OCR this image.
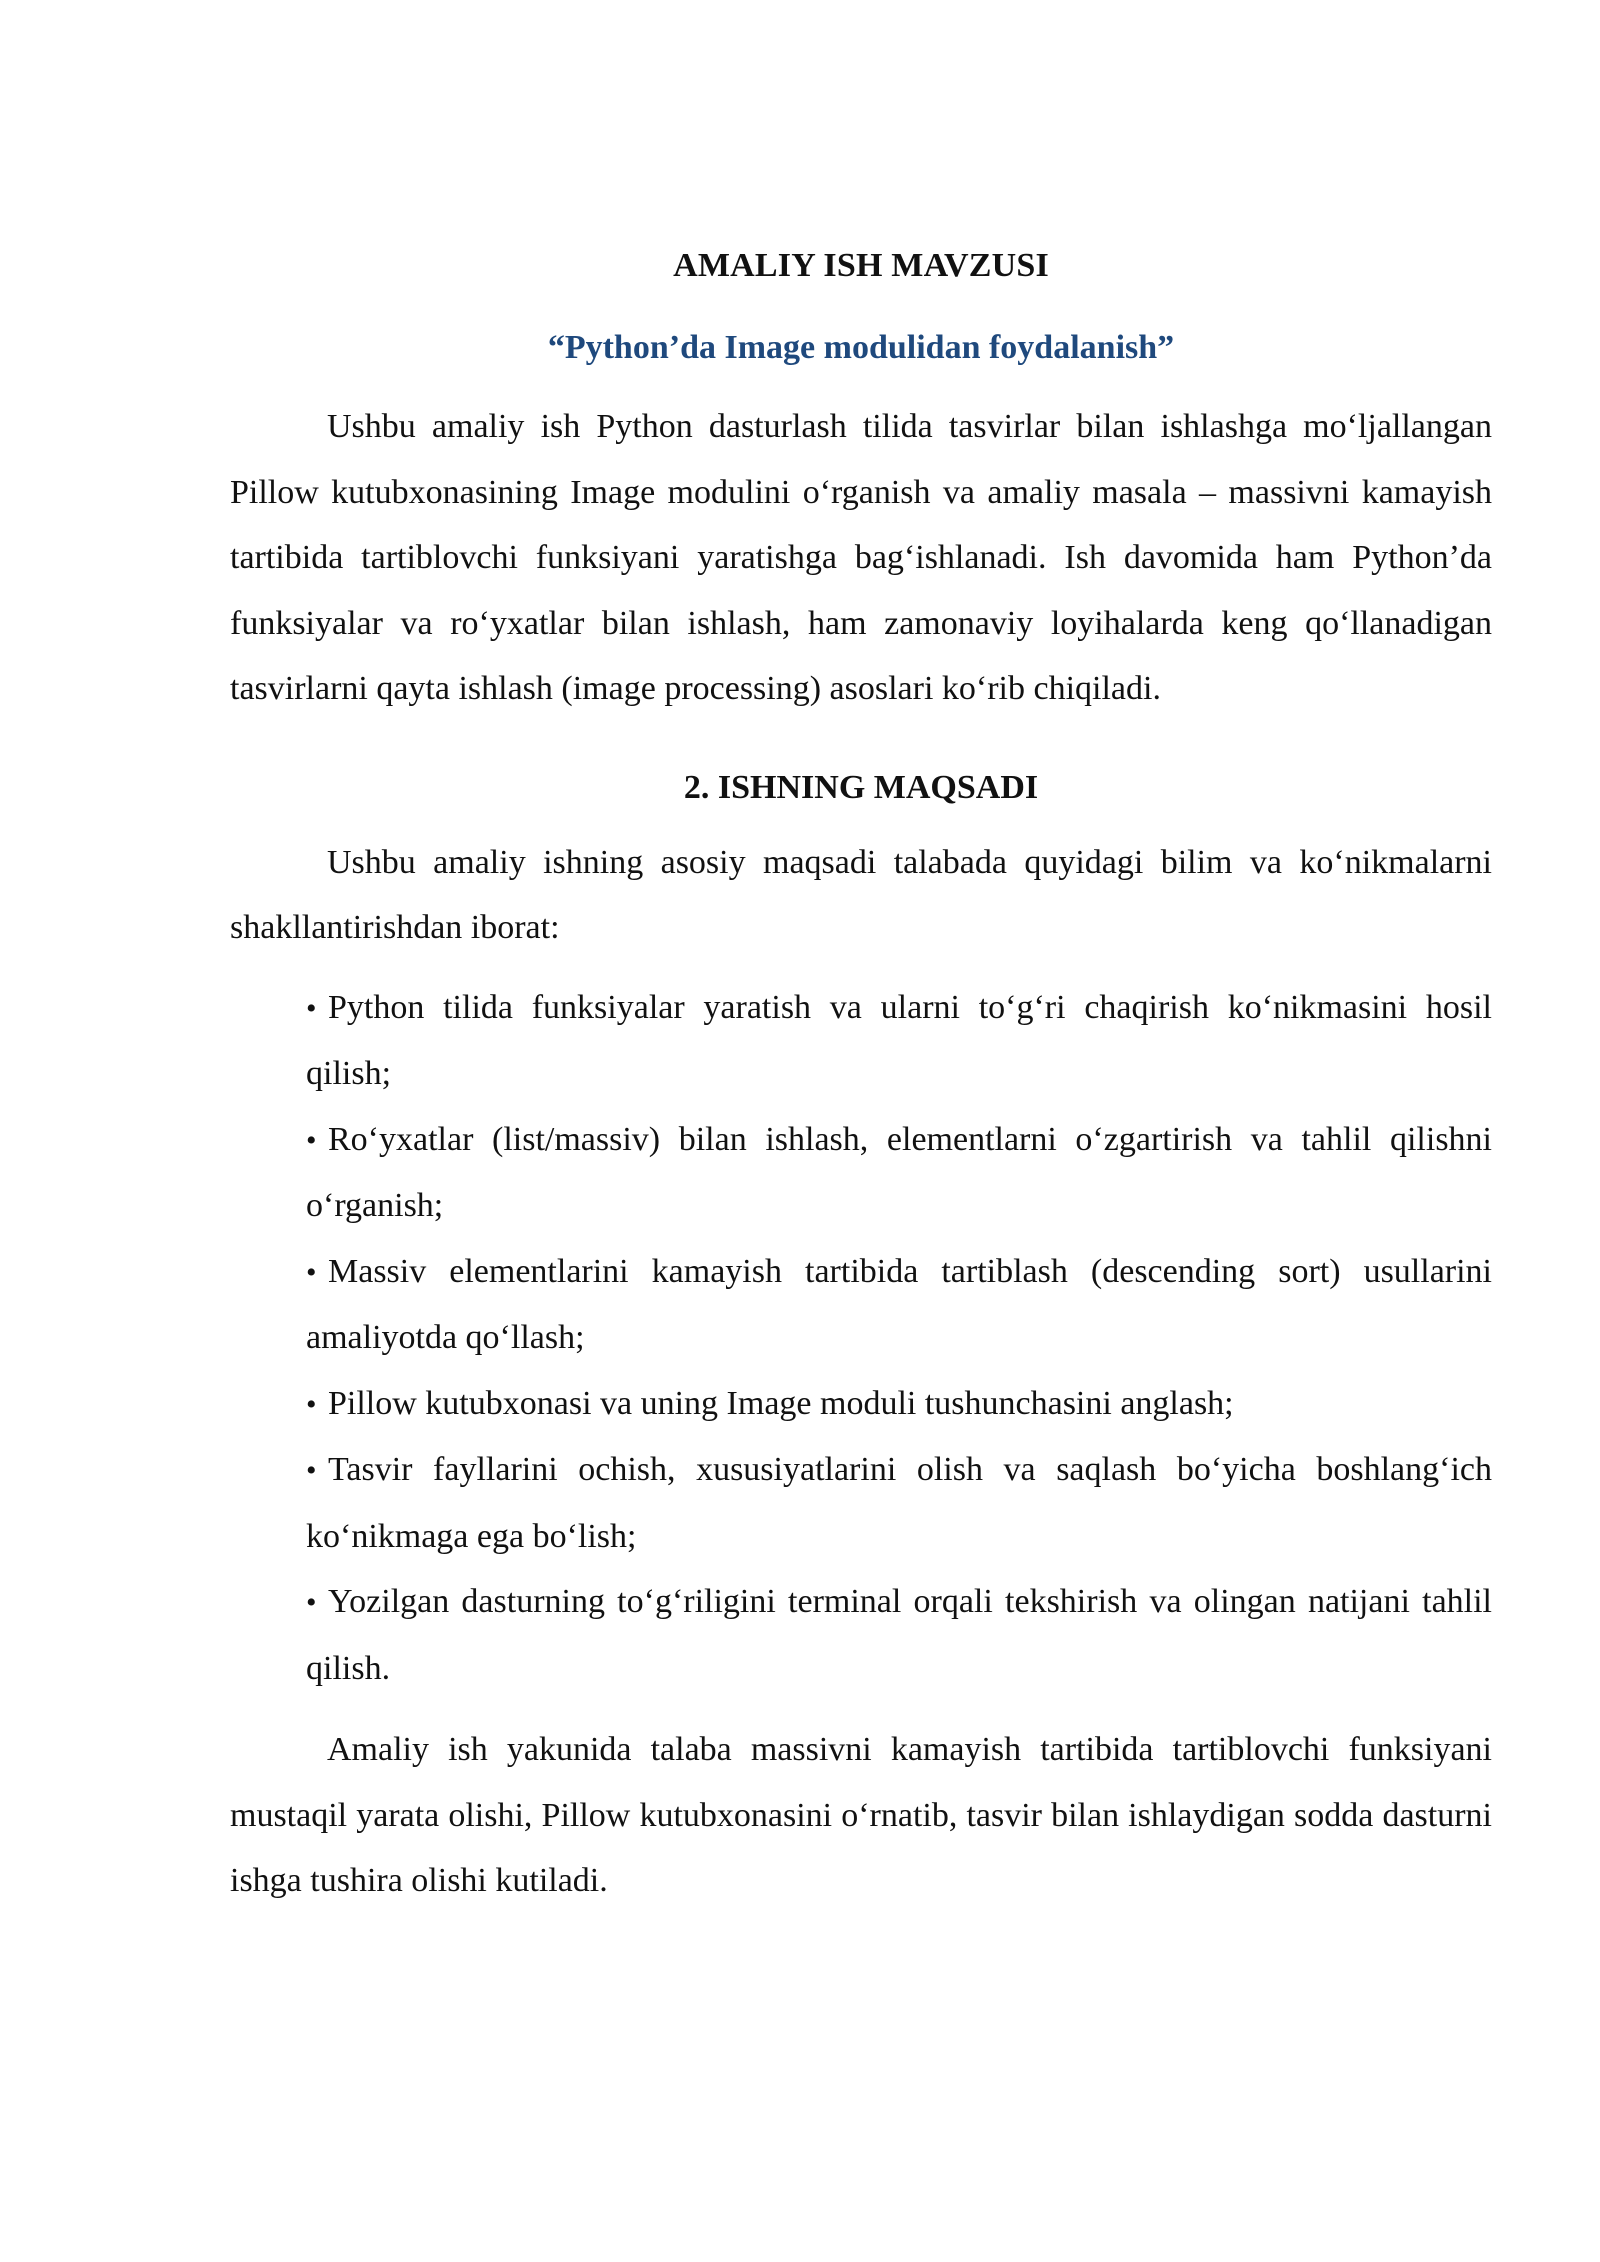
AMALIY ISH MAVZUSI
“Python’da Image modulidan foydalanish”

Ushbu amaliy ish Python dasturlash tilida tasvirlar bilan ishlashga mo‘ljallangan Pillow kutubxonasining Image modulini o‘rganish va amaliy masala – massivni kamayish tartibida tartiblovchi funksiyani yaratishga bag‘ishlanadi. Ish davomida ham Python’da funksiyalar va ro‘yxatlar bilan ishlash, ham zamonaviy loyihalarda keng qo‘llanadigan tasvirlarni qayta ishlash (image processing) asoslari ko‘rib chiqiladi.

2. ISHNING MAQSADI

Ushbu amaliy ishning asosiy maqsadi talabada quyidagi bilim va ko‘nikmalarni shakllantirishdan iborat:

• Python tilida funksiyalar yaratish va ularni to‘g‘ri chaqirish ko‘nikmasini hosil qilish;
• Ro‘yxatlar (list/massiv) bilan ishlash, elementlarni o‘zgartirish va tahlil qilishni o‘rganish;
• Massiv elementlarini kamayish tartibida tartiblash (descending sort) usullarini amaliyotda qo‘llash;
• Pillow kutubxonasi va uning Image moduli tushunchasini anglash;
• Tasvir fayllarini ochish, xususiyatlarini olish va saqlash bo‘yicha boshlang‘ich ko‘nikmaga ega bo‘lish;
• Yozilgan dasturning to‘g‘riligini terminal orqali tekshirish va olingan natijani tahlil qilish.

Amaliy ish yakunida talaba massivni kamayish tartibida tartiblovchi funksiyani mustaqil yarata olishi, Pillow kutubxonasini o‘rnatib, tasvir bilan ishlaydigan sodda dasturni ishga tushira olishi kutiladi.
